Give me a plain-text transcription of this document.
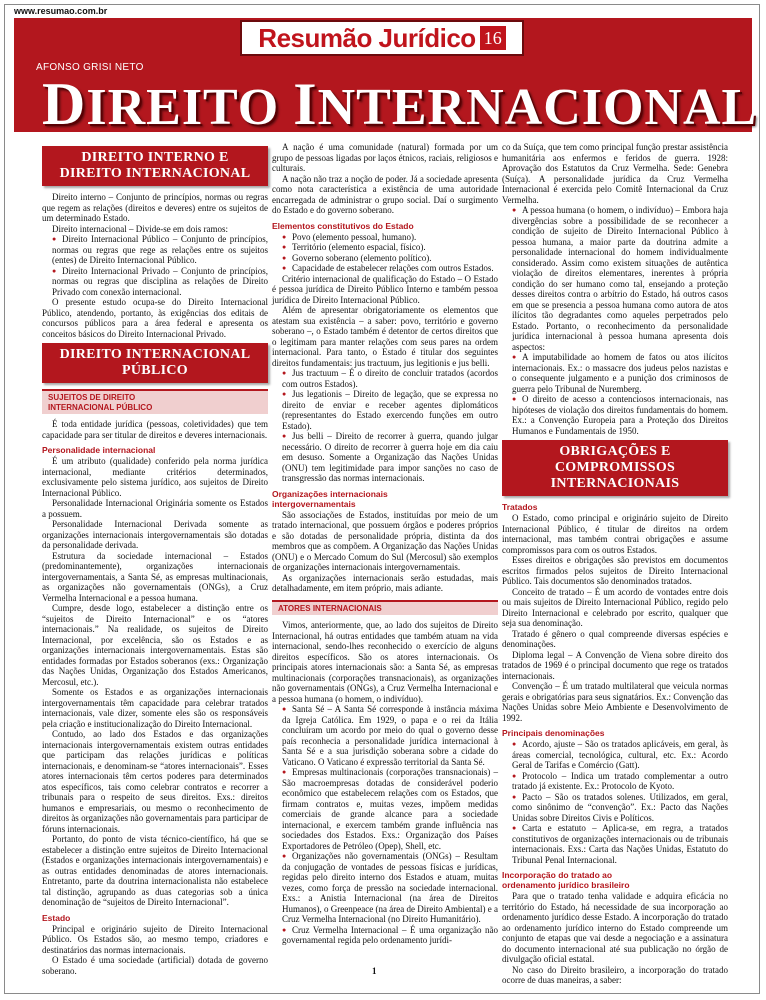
www.resumao.com.br
Resumão Jurídico 16
AFONSO GRISI NETO
DIREITO INTERNACIONAL
DIREITO INTERNO E
DIREITO INTERNACIONAL

Direito interno – Conjunto de princípios, normas ou regras que regem as relações (direitos e deveres) entre os sujeitos de um determinado Estado.

Direito internacional – Divide-se em dois ramos:

● Direito Internacional Público – Conjunto de princípios, normas ou regras que rege as relações entre os sujeitos (entes) de Direito Internacional Público.

● Direito Internacional Privado – Conjunto de princípios, normas ou regras que disciplina as relações de Direito Privado com conexão internacional.

O presente estudo ocupa-se do Direito Internacional Público, atendendo, portanto, às exigências dos editais de concursos públicos para a área federal e apresenta os conceitos básicos do Direito Internacional Privado.

DIREITO INTERNACIONAL
PÚBLICO
SUJEITOS DE DIREITO
INTERNACIONAL PÚBLICO

É toda entidade jurídica (pessoas, coletividades) que tem capacidade para ser titular de direitos e deveres internacionais.

Personalidade internacional

É um atributo (qualidade) conferido pela norma jurídica internacional, mediante critérios determinados, exclusivamente pelo sistema jurídico, aos sujeitos de Direito Internacional Público.

Personalidade Internacional Originária somente os Estados a possuem.

Personalidade Internacional Derivada somente as organizações internacionais intergovernamentais são dotadas da personalidade derivada.

Estrutura da sociedade internacional – Estados (predominantemente), organizações internacionais intergovernamentais, a Santa Sé, as empresas multinacionais, as organizações não governamentais (ONGs), a Cruz Vermelha Internacional e a pessoa humana.

Cumpre, desde logo, estabelecer a distinção entre os “sujeitos de Direito Internacional” e os “atores internacionais.” Na realidade, os sujeitos de Direito Internacional, por excelência, são os Estados e as organizações internacionais intergovernamentais. Estas são entidades formadas por Estados soberanos (exs.: Organização das Nações Unidas, Organização dos Estados Americanos, Mercosul, etc.).

Somente os Estados e as organizações internacionais intergovernamentais têm capacidade para celebrar tratados internacionais, vale dizer, somente eles são os responsáveis pela criação e institucionalização do Direito Internacional.

Contudo, ao lado dos Estados e das organizações internacionais intergovernamentais existem outras entidades que participam das relações jurídicas e políticas internacionais, e denominam-se “atores internacionais”. Esses atores internacionais têm certos poderes para determinados atos específicos, tais como celebrar contratos e recorrer a tribunais para o respeito de seus direitos. Exs.: direitos humanos e empresariais, ou mesmo o reconhecimento de direitos às organizações não governamentais para participar de fóruns internacionais.

Portanto, do ponto de vista técnico-científico, há que se estabelecer a distinção entre sujeitos de Direito Internacional (Estados e organizações internacionais intergovernamentais) e as outras entidades denominadas de atores internacionais. Entretanto, parte da doutrina internacionalista não estabelece tal distinção, agrupando as duas categorias sob a única denominação de “sujeitos de Direito Internacional”.

Estado

Principal e originário sujeito de Direito Internacional Público. Os Estados são, ao mesmo tempo, criadores e destinatários das normas internacionais.

O Estado é uma sociedade (artificial) dotada de governo soberano.

A nação é uma comunidade (natural) formada por um grupo de pessoas ligadas por laços étnicos, raciais, religiosos e culturais.

A nação não traz a noção de poder. Já a sociedade apresenta como nota característica a existência de uma autoridade encarregada de administrar o grupo social. Daí o surgimento do Estado e do governo soberano.

Elementos constitutivos do Estado

● Povo (elemento pessoal, humano).

● Território (elemento espacial, físico).

● Governo soberano (elemento político).

● Capacidade de estabelecer relações com outros Estados.

Critério internacional de qualificação do Estado – O Estado é pessoa jurídica de Direito Público Interno e também pessoa jurídica de Direito Internacional Público.

Além de apresentar obrigatoriamente os elementos que atestam sua existência – a saber: povo, território e governo soberano –, o Estado também é detentor de certos direitos que o legitimam para manter relações com seus pares na ordem internacional. Para tanto, o Estado é titular dos seguintes direitos fundamentais: jus tractuum, jus legitionis e jus belli.

● Jus tractuum – É o direito de concluir tratados (acordos com outros Estados).

● Jus legationis – Direito de legação, que se expressa no direito de enviar e receber agentes diplomáticos (representantes do Estado exercendo funções em outro Estado).

● Jus belli – Direito de recorrer à guerra, quando julgar necessário. O direito de recorrer à guerra hoje em dia caiu em desuso. Somente a Organização das Nações Unidas (ONU) tem legitimidade para impor sanções no caso de transgressão das normas internacionais.

Organizações internacionais
intergovernamentais

São associações de Estados, instituídas por meio de um tratado internacional, que possuem órgãos e poderes próprios e são dotadas de personalidade própria, distinta da dos membros que as compõem. A Organização das Nações Unidas (ONU) e o Mercado Comum do Sul (Mercosul) são exemplos de organizações internacionais intergovernamentais.

As organizações internacionais serão estudadas, mais detalhadamente, em item próprio, mais adiante.

ATORES INTERNACIONAIS

Vimos, anteriormente, que, ao lado dos sujeitos de Direito Internacional, há outras entidades que também atuam na vida internacional, sendo-lhes reconhecido o exercício de alguns direitos específicos. São os atores internacionais. Os principais atores internacionais são: a Santa Sé, as empresas multinacionais (corporações transnacionais), as organizações não governamentais (ONGs), a Cruz Vermelha Internacional e a pessoa humana (o homem, o indivíduo).

● Santa Sé – A Santa Sé corresponde à instância máxima da Igreja Católica. Em 1929, o papa e o rei da Itália concluíram um acordo por meio do qual o governo desse país reconhecia a personalidade jurídica internacional à Santa Sé e a sua jurisdição soberana sobre a cidade do Vaticano. O Vaticano é expressão territorial da Santa Sé.

● Empresas multinacionais (corporações transnacionais) – São macroempresas dotadas de considerável poderio econômico que estabelecem relações com os Estados, que firmam contratos e, muitas vezes, impõem medidas comerciais de grande alcance para a sociedade internacional, e exercem também grande influência nas sociedades dos Estados. Exs.: Organização dos Países Exportadores de Petróleo (Opep), Shell, etc.

● Organizações não governamentais (ONGs) – Resultam da conjugação de vontades de pessoas físicas e jurídicas, regidas pelo direito interno dos Estados e atuam, muitas vezes, como força de pressão na sociedade internacional. Exs.: a Anistia Internacional (na área de Direitos Humanos), o Greenpeace (na área de Direito Ambiental) e a Cruz Vermelha Internacional (no Direito Humanitário).

● Cruz Vermelha Internacional – É uma organização não governamental regida pelo ordenamento jurídi-

co da Suíça, que tem como principal função prestar assistência humanitária aos enfermos e feridos de guerra. 1928: Aprovação dos Estatutos da Cruz Vermelha. Sede: Genebra (Suíça). A personalidade jurídica da Cruz Vermelha Internacional é exercida pelo Comitê Internacional da Cruz Vermelha.

● A pessoa humana (o homem, o indivíduo) – Embora haja divergências sobre a possibilidade de se reconhecer a condição de sujeito de Direito Internacional Público à pessoa humana, a maior parte da doutrina admite a personalidade internacional do homem individualmente considerado. Assim como existem situações de autêntica violação de direitos elementares, inerentes à própria condição do ser humano como tal, ensejando a proteção desses direitos contra o arbítrio do Estado, há outros casos em que se presencia a pessoa humana como autora de atos ilícitos tão degradantes como aqueles perpetrados pelo Estado. Portanto, o reconhecimento da personalidade jurídica internacional à pessoa humana apresenta dois aspectos:

● A imputabilidade ao homem de fatos ou atos ilícitos internacionais. Ex.: o massacre dos judeus pelos nazistas e o consequente julgamento e a punição dos criminosos de guerra pelo Tribunal de Nuremberg.

● O direito de acesso a contenciosos internacionais, nas hipóteses de violação dos direitos fundamentais do homem. Ex.: a Convenção Europeia para a Proteção dos Direitos Humanos e Fundamentais de 1950.

OBRIGAÇÕES E COMPROMISSOS
INTERNACIONAIS
Tratados

O Estado, como principal e originário sujeito de Direito Internacional Público, é titular de direitos na ordem internacional, mas também contrai obrigações e assume compromissos para com os outros Estados.

Esses direitos e obrigações são previstos em documentos escritos firmados pelos sujeitos de Direito Internacional Público. Tais documentos são denominados tratados.

Conceito de tratado – É um acordo de vontades entre dois ou mais sujeitos de Direito Internacional Público, regido pelo Direito Internacional e celebrado por escrito, qualquer que seja sua denominação.

Tratado é gênero o qual compreende diversas espécies e denominações.

Diploma legal – A Convenção de Viena sobre direito dos tratados de 1969 é o principal documento que rege os tratados internacionais.

Convenção – É um tratado multilateral que veicula normas gerais e obrigatórias para seus signatários. Ex.: Convenção das Nações Unidas sobre Meio Ambiente e Desenvolvimento de 1992.

Principais denominações

● Acordo, ajuste – São os tratados aplicáveis, em geral, às áreas comercial, tecnológica, cultural, etc. Ex.: Acordo Geral de Tarifas e Comércio (Gatt).

● Protocolo – Indica um tratado complementar a outro tratado já existente. Ex.: Protocolo de Kyoto.

● Pacto – São os tratados solenes. Utilizados, em geral, como sinônimo de “convenção”. Ex.: Pacto das Nações Unidas sobre Direitos Civis e Políticos.

● Carta e estatuto – Aplica-se, em regra, a tratados constitutivos de organizações internacionais ou de tribunais internacionais. Exs.: Carta das Nações Unidas, Estatuto do Tribunal Penal Internacional.

Incorporação do tratado ao
ordenamento jurídico brasileiro

Para que o tratado tenha validade e adquira eficácia no território do Estado, há necessidade de sua incorporação ao ordenamento jurídico desse Estado. A incorporação do tratado ao ordenamento jurídico interno do Estado compreende um conjunto de etapas que vai desde a negociação e a assinatura do documento internacional até sua publicação no órgão de divulgação oficial estatal.

No caso do Direito brasileiro, a incorporação do tratado ocorre de duas maneiras, a saber:

1
